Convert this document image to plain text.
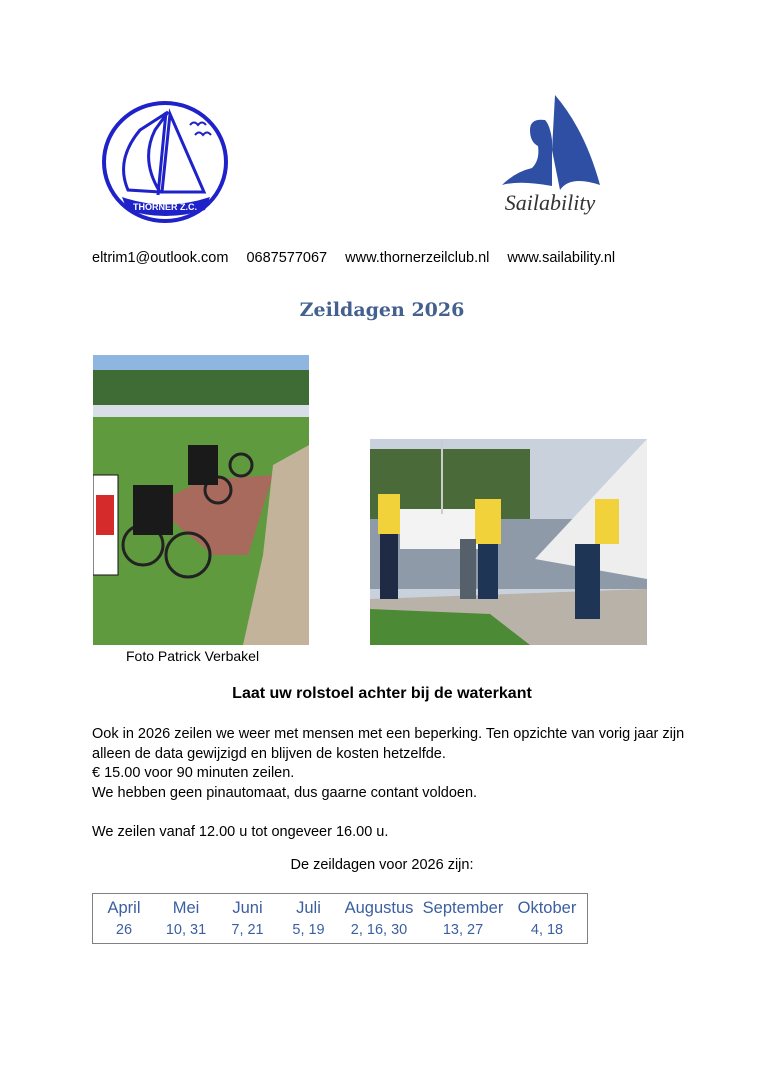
THORNER Z.C.	Sailability
eltrim1@outlook.com 0687577067 www.thornerzeilclub.nl www.sailability.nl
Zeildagen 2026
Foto Patrick Verbakel
Laat uw rolstoel achter bij de waterkant

Ook in 2026 zeilen we weer met mensen met een beperking. Ten opzichte van vorig jaar zijn

alleen de data gewijzigd en blijven de kosten hetzelfde.

€ 15.00 voor 90 minuten zeilen.

We hebben geen pinautomaat, dus gaarne contant voldoen.

We zeilen vanaf 12.00 u tot ongeveer 16.00 u.

De zeildagen voor 2026 zijn:
April	Mei	Juni	Juli	Augustus	September	Oktober
26	10, 31	7, 21	5, 19	2, 16, 30	13, 27	4, 18
